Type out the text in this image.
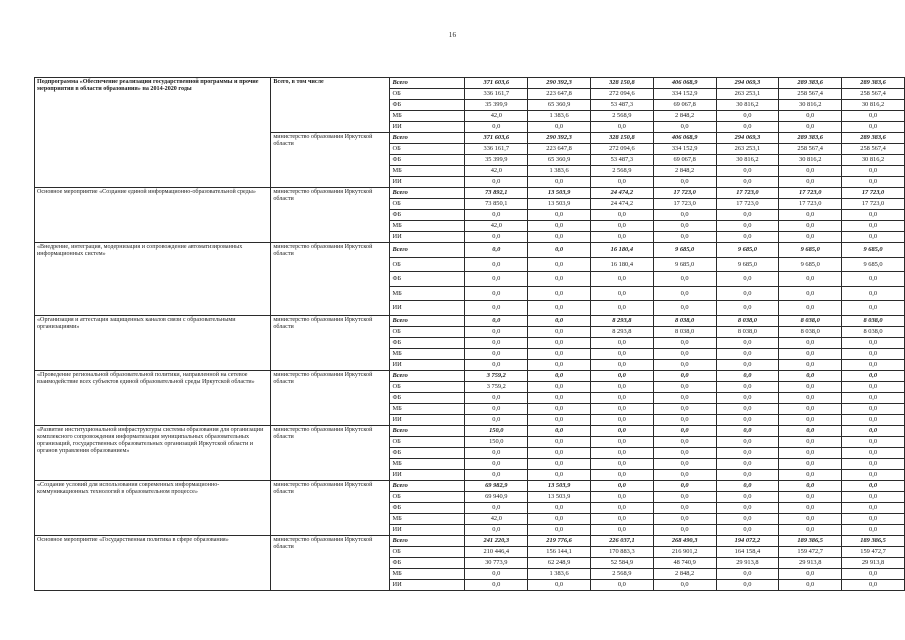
16
Подпрограмма «Обеспечение реализации государственной программы и прочие мероприятия в области образования» на 2014-2020 годы	Всего, в том числе	Всего	371 603,6	290 392,3	328 150,8	406 068,9	294 069,3	289 383,6	289 383,6
		ОБ	336 161,7	223 647,8	272 094,6	334 152,9	263 253,1	258 567,4	258 567,4
		ФБ	35 399,9	65 360,9	53 487,3	69 067,8	30 816,2	30 816,2	30 816,2
		МБ	42,0	1 383,6	2 568,9	2 848,2	0,0	0,0	0,0
		ИИ	0,0	0,0	0,0	0,0	0,0	0,0	0,0
	министерство образования Иркутской области	Всего	371 603,6	290 392,3	328 150,8	406 068,9	294 069,3	289 383,6	289 383,6
		ОБ	336 161,7	223 647,8	272 094,6	334 152,9	263 253,1	258 567,4	258 567,4
		ФБ	35 399,9	65 360,9	53 487,3	69 067,8	30 816,2	30 816,2	30 816,2
		МБ	42,0	1 383,6	2 568,9	2 848,2	0,0	0,0	0,0
		ИИ	0,0	0,0	0,0	0,0	0,0	0,0	0,0
Основное мероприятие «Создание единой информационно-образовательной среды»	министерство образования Иркутской области	Всего	73 892,1	13 503,9	24 474,2	17 723,0	17 723,0	17 723,0	17 723,0
		ОБ	73 850,1	13 503,9	24 474,2	17 723,0	17 723,0	17 723,0	17 723,0
		ФБ	0,0	0,0	0,0	0,0	0,0	0,0	0,0
		МБ	42,0	0,0	0,0	0,0	0,0	0,0	0,0
		ИИ	0,0	0,0	0,0	0,0	0,0	0,0	0,0
«Внедрение, интеграция, модернизация и сопровождение автоматизированных информационных систем»	министерство образования Иркутской области	Всего	0,0	0,0	16 180,4	9 685,0	9 685,0	9 685,0	9 685,0
		ОБ	0,0	0,0	16 180,4	9 685,0	9 685,0	9 685,0	9 685,0
		ФБ	0,0	0,0	0,0	0,0	0,0	0,0	0,0
		МБ	0,0	0,0	0,0	0,0	0,0	0,0	0,0
		ИИ	0,0	0,0	0,0	0,0	0,0	0,0	0,0
«Организация и аттестация защищенных каналов связи с образовательными организациями»	министерство образования Иркутской области	Всего	0,0	0,0	8 293,8	8 038,0	8 038,0	8 038,0	8 038,0
		ОБ	0,0	0,0	8 293,8	8 038,0	8 038,0	8 038,0	8 038,0
		ФБ	0,0	0,0	0,0	0,0	0,0	0,0	0,0
		МБ	0,0	0,0	0,0	0,0	0,0	0,0	0,0
		ИИ	0,0	0,0	0,0	0,0	0,0	0,0	0,0
«Проведение региональной образовательной политики, направленной на сетевое взаимодействие всех субъектов единой образовательной среды Иркутской области»	министерство образования Иркутской области	Всего	3 759,2	0,0	0,0	0,0	0,0	0,0	0,0
		ОБ	3 759,2	0,0	0,0	0,0	0,0	0,0	0,0
		ФБ	0,0	0,0	0,0	0,0	0,0	0,0	0,0
		МБ	0,0	0,0	0,0	0,0	0,0	0,0	0,0
		ИИ	0,0	0,0	0,0	0,0	0,0	0,0	0,0
«Развитие институциональной инфраструктуры системы образования для организации комплексного сопровождения информатизации муниципальных образовательных организаций, государственных образовательных организаций Иркутской области и органов управления образованием»	министерство образования Иркутской области	Всего	150,0	0,0	0,0	0,0	0,0	0,0	0,0
		ОБ	150,0	0,0	0,0	0,0	0,0	0,0	0,0
		ФБ	0,0	0,0	0,0	0,0	0,0	0,0	0,0
		МБ	0,0	0,0	0,0	0,0	0,0	0,0	0,0
		ИИ	0,0	0,0	0,0	0,0	0,0	0,0	0,0
«Создание условий для использования современных информационно-коммуникационных технологий в образовательном процессе»	министерство образования Иркутской области	Всего	69 982,9	13 503,9	0,0	0,0	0,0	0,0	0,0
		ОБ	69 940,9	13 503,9	0,0	0,0	0,0	0,0	0,0
		ФБ	0,0	0,0	0,0	0,0	0,0	0,0	0,0
		МБ	42,0	0,0	0,0	0,0	0,0	0,0	0,0
		ИИ	0,0	0,0	0,0	0,0	0,0	0,0	0,0
Основное мероприятие «Государственная политика в сфере образования»	министерство образования Иркутской области	Всего	241 220,3	219 776,6	226 037,1	268 490,3	194 072,2	189 386,5	189 386,5
		ОБ	210 446,4	156 144,1	170 883,3	216 901,2	164 158,4	159 472,7	159 472,7
		ФБ	30 773,9	62 248,9	52 584,9	48 740,9	29 913,8	29 913,8	29 913,8
		МБ	0,0	1 383,6	2 568,9	2 848,2	0,0	0,0	0,0
		ИИ	0,0	0,0	0,0	0,0	0,0	0,0	0,0
